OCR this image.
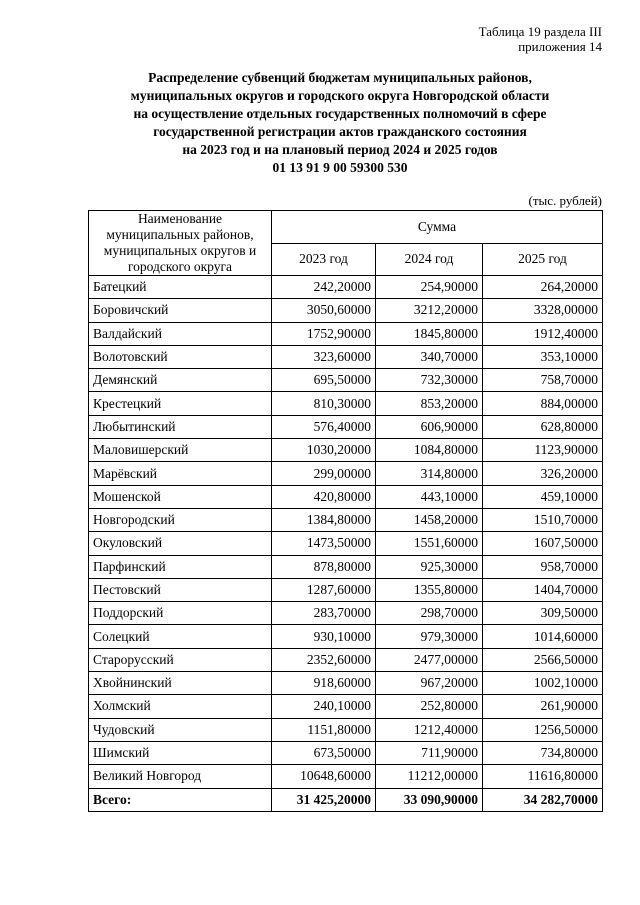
Таблица 19 раздела III
приложения 14
Распределение субвенций бюджетам муниципальных районов,
муниципальных округов и городского округа Новгородской области
на осуществление отдельных государственных полномочий в сфере
государственной регистрации актов гражданского состояния
на 2023 год и на плановый период 2024 и 2025 годов
01 13 91 9 00 59300 530
(тыс. рублей)
Наименование муниципальных районов, муниципальных округов и городского округа	Сумма		
	2023 год	2024 год	2025 год
Батецкий	242,20000	254,90000	264,20000
Боровичский	3050,60000	3212,20000	3328,00000
Валдайский	1752,90000	1845,80000	1912,40000
Волотовский	323,60000	340,70000	353,10000
Демянский	695,50000	732,30000	758,70000
Крестецкий	810,30000	853,20000	884,00000
Любытинский	576,40000	606,90000	628,80000
Маловишерский	1030,20000	1084,80000	1123,90000
Марёвский	299,00000	314,80000	326,20000
Мошенской	420,80000	443,10000	459,10000
Новгородский	1384,80000	1458,20000	1510,70000
Окуловский	1473,50000	1551,60000	1607,50000
Парфинский	878,80000	925,30000	958,70000
Пестовский	1287,60000	1355,80000	1404,70000
Поддорский	283,70000	298,70000	309,50000
Солецкий	930,10000	979,30000	1014,60000
Старорусский	2352,60000	2477,00000	2566,50000
Хвойнинский	918,60000	967,20000	1002,10000
Холмский	240,10000	252,80000	261,90000
Чудовский	1151,80000	1212,40000	1256,50000
Шимский	673,50000	711,90000	734,80000
Великий Новгород	10648,60000	11212,00000	11616,80000
Всего:	31 425,20000	33 090,90000	34 282,70000
